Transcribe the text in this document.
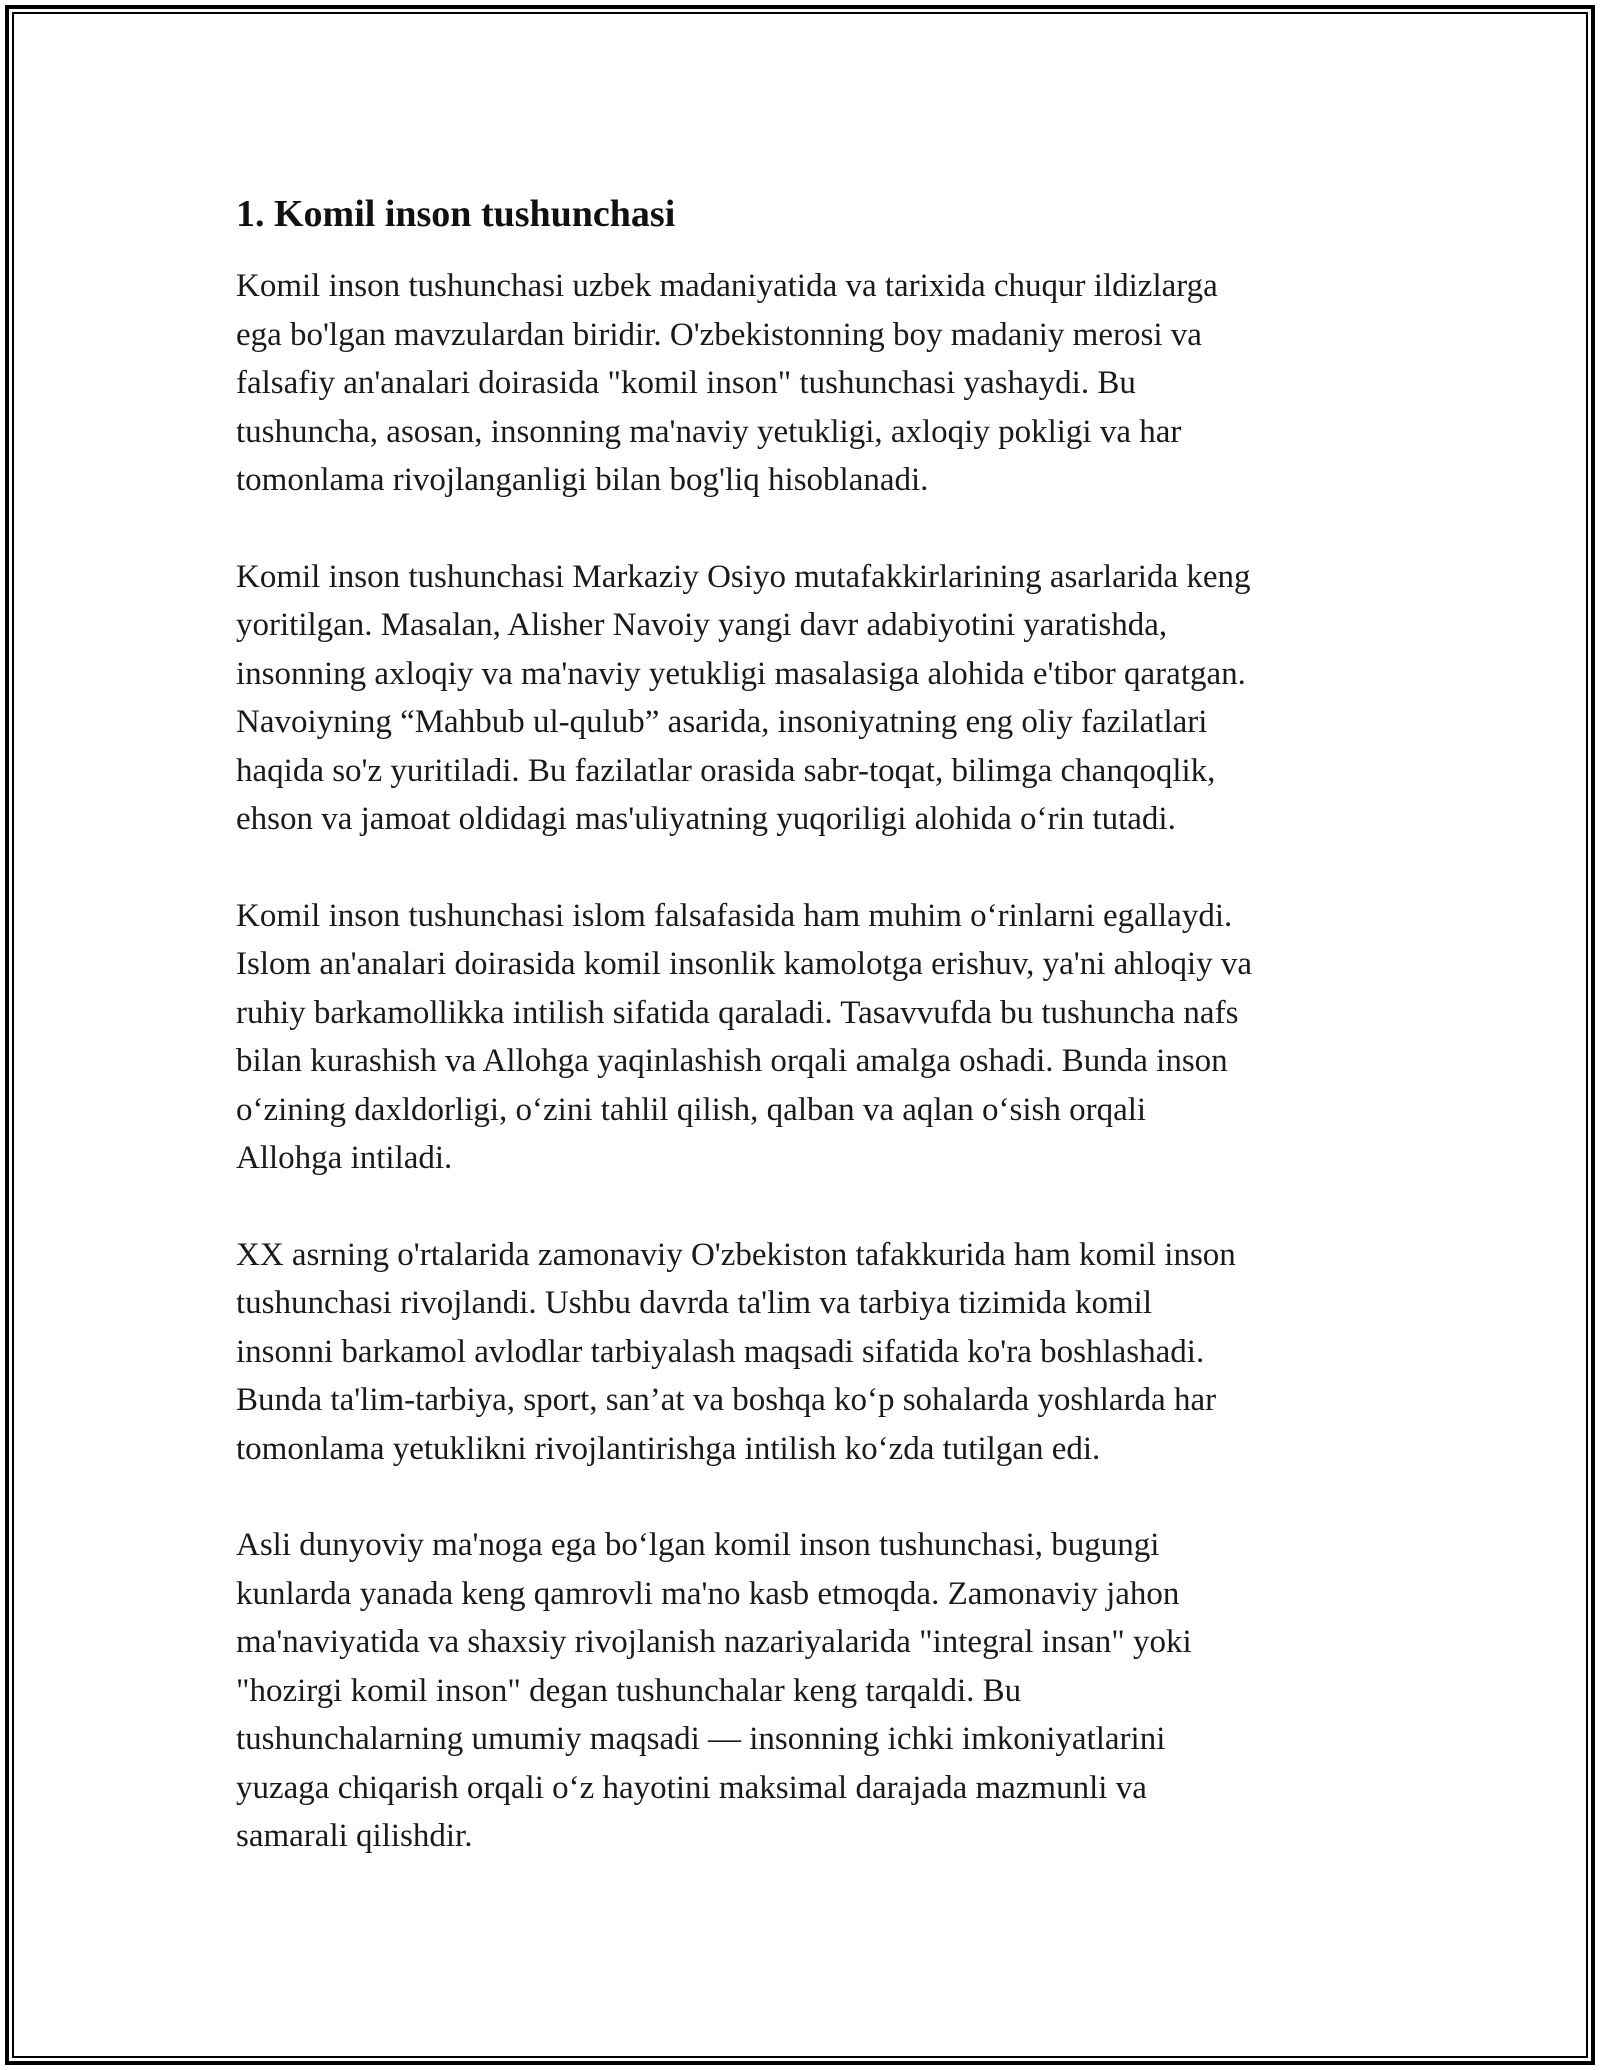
1. Komil inson tushunchasi

Komil inson tushunchasi uzbek madaniyatida va tarixida chuqur ildizlarga
ega bo'lgan mavzulardan biridir. O'zbekistonning boy madaniy merosi va
falsafiy an'analari doirasida "komil inson" tushunchasi yashaydi. Bu
tushuncha, asosan, insonning ma'naviy yetukligi, axloqiy pokligi va har
tomonlama rivojlanganligi bilan bog'liq hisoblanadi.

Komil inson tushunchasi Markaziy Osiyo mutafakkirlarining asarlarida keng
yoritilgan. Masalan, Alisher Navoiy yangi davr adabiyotini yaratishda,
insonning axloqiy va ma'naviy yetukligi masalasiga alohida e'tibor qaratgan.
Navoiyning “Mahbub ul-qulub” asarida, insoniyatning eng oliy fazilatlari
haqida so'z yuritiladi. Bu fazilatlar orasida sabr-toqat, bilimga chanqoqlik,
ehson va jamoat oldidagi mas'uliyatning yuqoriligi alohida oʻrin tutadi.

Komil inson tushunchasi islom falsafasida ham muhim oʻrinlarni egallaydi.
Islom an'analari doirasida komil insonlik kamolotga erishuv, ya'ni ahloqiy va
ruhiy barkamollikka intilish sifatida qaraladi. Tasavvufda bu tushuncha nafs
bilan kurashish va Allohga yaqinlashish orqali amalga oshadi. Bunda inson
oʻzining daxldorligi, oʻzini tahlil qilish, qalban va aqlan oʻsish orqali
Allohga intiladi.

XX asrning o'rtalarida zamonaviy O'zbekiston tafakkurida ham komil inson
tushunchasi rivojlandi. Ushbu davrda ta'lim va tarbiya tizimida komil
insonni barkamol avlodlar tarbiyalash maqsadi sifatida ko'ra boshlashadi.
Bunda ta'lim-tarbiya, sport, san’at va boshqa koʻp sohalarda yoshlarda har
tomonlama yetuklikni rivojlantirishga intilish koʻzda tutilgan edi.

Asli dunyoviy ma'noga ega boʻlgan komil inson tushunchasi, bugungi
kunlarda yanada keng qamrovli ma'no kasb etmoqda. Zamonaviy jahon
ma'naviyatida va shaxsiy rivojlanish nazariyalarida "integral insan" yoki
"hozirgi komil inson" degan tushunchalar keng tarqaldi. Bu
tushunchalarning umumiy maqsadi — insonning ichki imkoniyatlarini
yuzaga chiqarish orqali oʻz hayotini maksimal darajada mazmunli va
samarali qilishdir.
